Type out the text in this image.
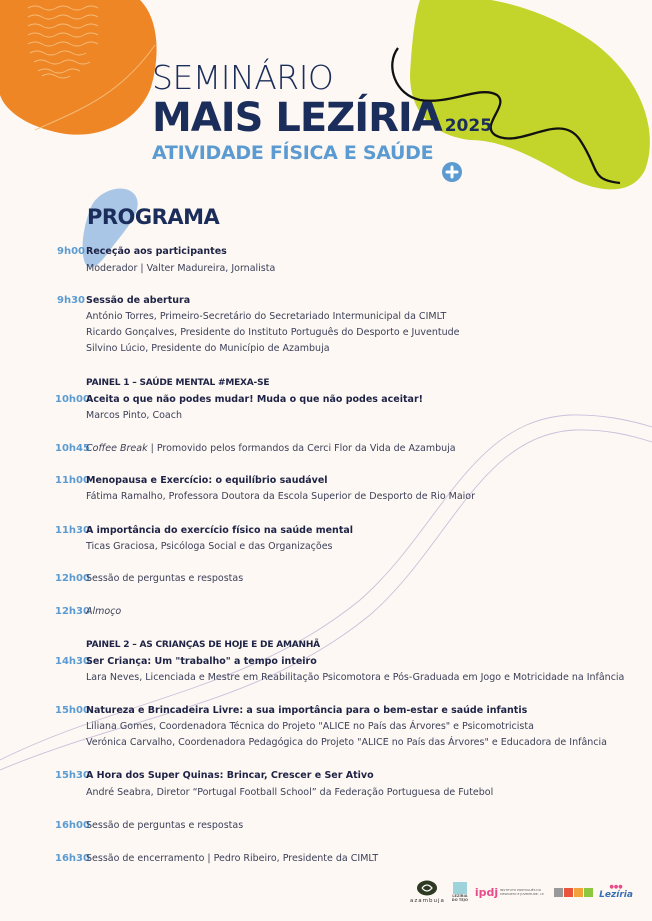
SEMINÁRIO
MAIS LEZÍRIA 2025
ATIVIDADE FÍSICA E SAÚDE
PROGRAMA
9h00 Receção aos participantes
Moderador | Valter Madureira, Jornalista
9h30 Sessão de abertura
António Torres, Primeiro-Secretário do Secretariado Intermunicipal da CIMLT
Ricardo Gonçalves, Presidente do Instituto Português do Desporto e Juventude
Silvino Lúcio, Presidente do Município de Azambuja
PAINEL 1 – SAÚDE MENTAL #MEXA-SE
10h00
Aceita o que não podes mudar! Muda o que não podes aceitar!
Marcos Pinto, Coach
10h45
Coffee Break | Promovido pelos formandos da Cerci Flor da Vida de Azambuja
11h00
Menopausa e Exercício: o equilíbrio saudável
Fátima Ramalho, Professora Doutora da Escola Superior de Desporto de Rio Maior
11h30
A importância do exercício físico na saúde mental
Ticas Graciosa, Psicóloga Social e das Organizações
12h00
Sessão de perguntas e respostas
12h30
Almoço
PAINEL 2 – AS CRIANÇAS DE HOJE E DE AMANHÃ
14h30
Ser Criança: Um "trabalho" a tempo inteiro
Lara Neves, Licenciada e Mestre em Reabilitação Psicomotora e Pós-Graduada em Jogo e Motricidade na Infância
15h00
Natureza e Brincadeira Livre: a sua importância para o bem-estar e saúde infantis
Liliana Gomes, Coordenadora Técnica do Projeto "ALICE no País das Árvores" e Psicomotricista
Verónica Carvalho, Coordenadora Pedagógica do Projeto "ALICE no País das Árvores" e Educadora de Infância
15h30
A Hora dos Super Quinas: Brincar, Crescer e Ser Ativo
André Seabra, Diretor “Portugal Football School” da Federação Portuguesa de Futebol
16h00
Sessão de perguntas e respostas
16h30
Sessão de encerramento | Pedro Ribeiro, Presidente da CIMLT
azambuja
LEZÍRIA DO TEJO
ipdj INSTITUTO PORTUGUÊS DO DESPORTO E JUVENTUDE, I.P.
●●●
Lezíria
